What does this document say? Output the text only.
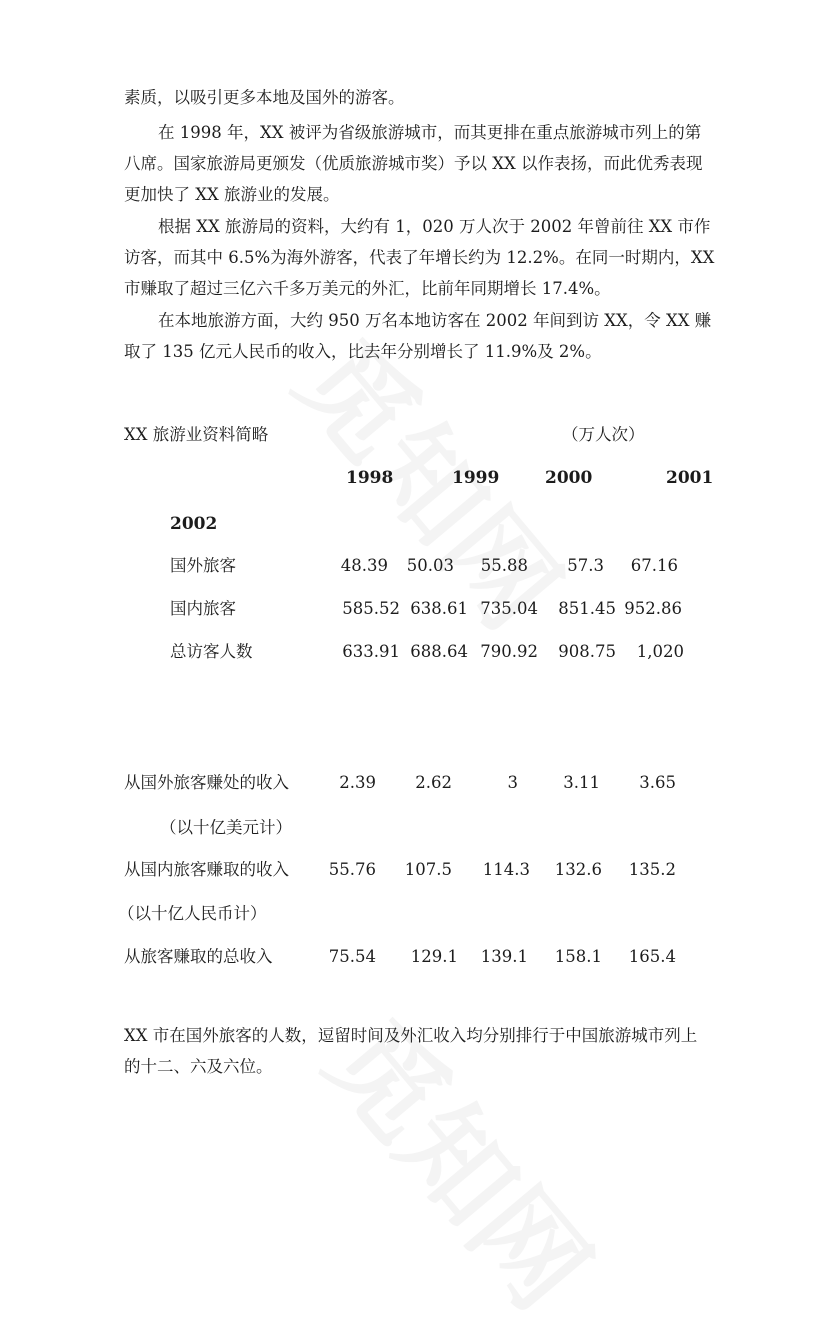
素质，以吸引更多本地及国外的游客。
在 1998 年，XX 被评为省级旅游城市，而其更排在重点旅游城市列上的第
八席。国家旅游局更颁发（优质旅游城市奖）予以 XX 以作表扬，而此优秀表现
更加快了 XX 旅游业的发展。
根据 XX 旅游局的资料，大约有 1，020 万人次于 2002 年曾前往 XX 市作
访客，而其中 6.5%为海外游客，代表了年增长约为 12.2%。在同一时期内，XX
市赚取了超过三亿六千多万美元的外汇，比前年同期增长 17.4%。
在本地旅游方面，大约 950 万名本地访客在 2002 年间到访 XX，令 XX 赚
取了 135 亿元人民币的收入，比去年分别增长了 11.9%及 2%。
XX 旅游业资料简略	（万人次）
1998	1999	2000	2001
2002
国外旅客	48.39	50.03	55.88	57.3	67.16
国内旅客	585.52 638.61 735.04	851.45 952.86
总访客人数	633.91 688.64 790.92	908.75	1,020
从国外旅客赚处的收入	2.39	2.62	3	3.11	3.65
（以十亿美元计）
从国内旅客赚取的收入	55.76	107.5	114.3	132.6	135.2
（以十亿人民币计）
从旅客赚取的总收入	75.54	129.1	139.1	158.1	165.4
XX 市在国外旅客的人数，逗留时间及外汇收入均分别排行于中国旅游城市列上
的十二、六及六位。
